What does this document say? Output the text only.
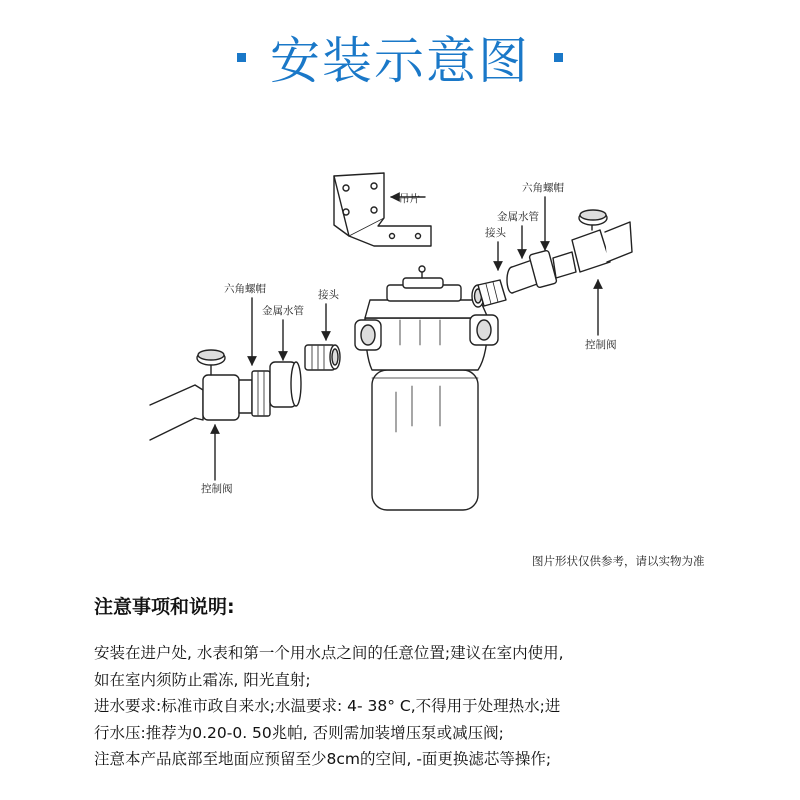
安装示意图
吊片
六角螺帽
金属水管
接头
控制阀
六角螺帽
金属水管
接头
控制阀
图片形状仅供参考，请以实物为准
注意事项和说明:
安装在进户处, 水表和第一个用水点之间的任意位置;建议在室内使用,
如在室内须防止霜冻, 阳光直射;
进水要求:标准市政自来水;水温要求: 4- 38° C,不得用于处理热水;进
行水压:推荐为0.20-0. 50兆帕, 否则需加装增压泵或减压阀;
注意本产品底部至地面应预留至少8cm的空间, -面更换滤芯等操作;
